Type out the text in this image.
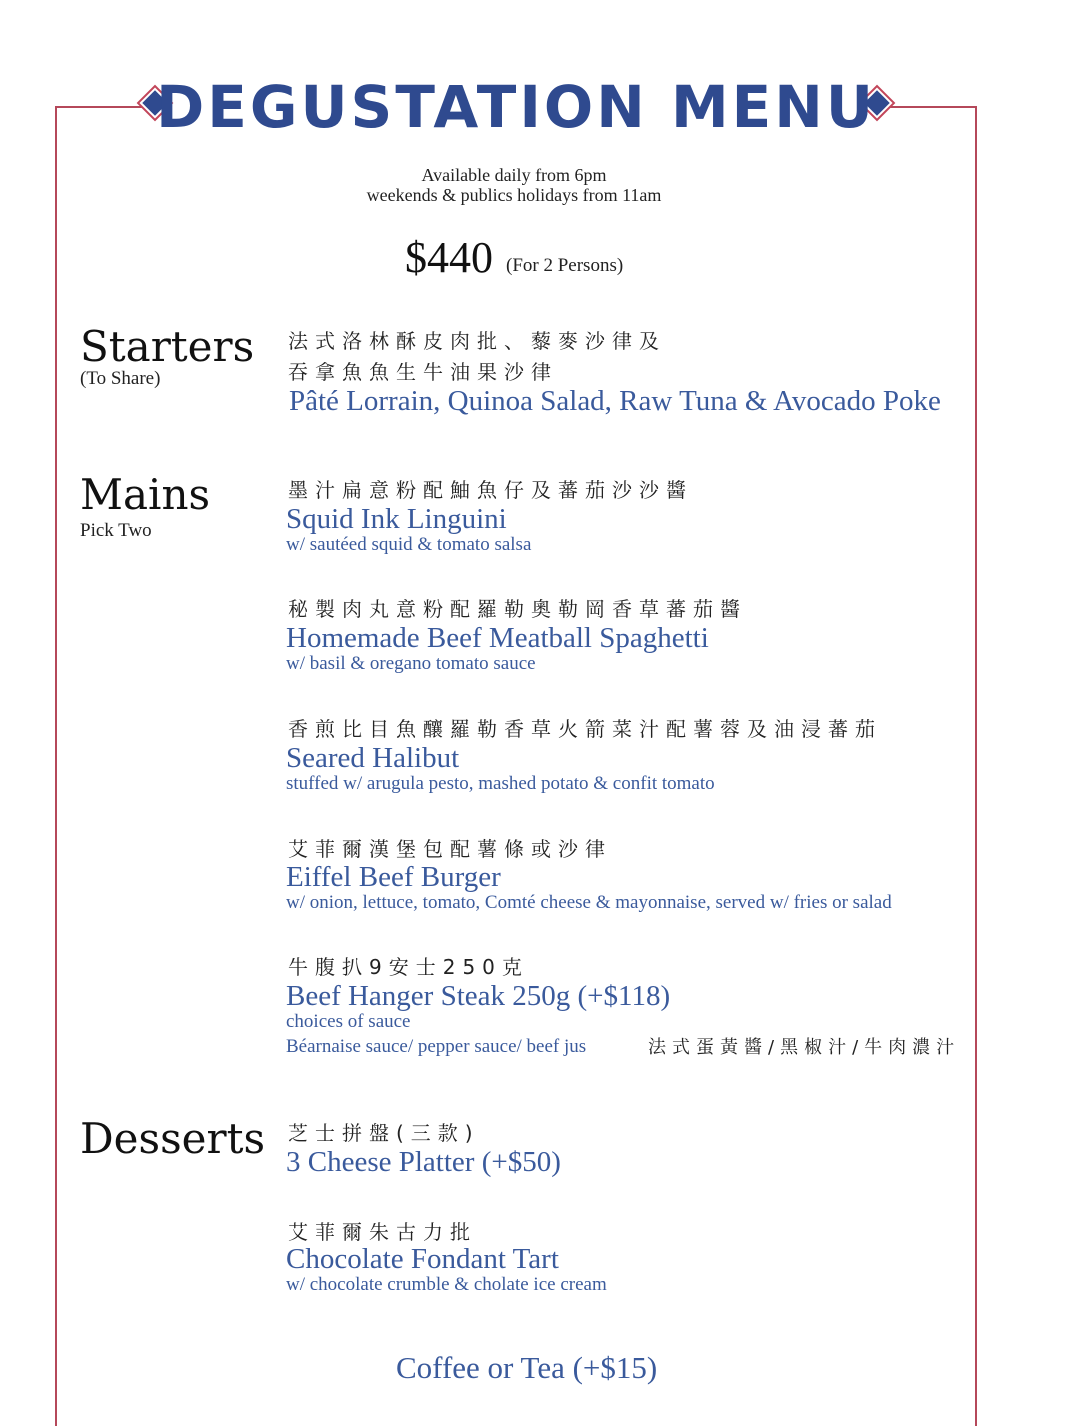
DEGUSTATION MENU
Available daily from 6pm
weekends & publics holidays from 11am
$440 (For 2 Persons)
Starters
(To Share)
法式洛林酥皮肉批、藜麥沙律及
吞拿魚魚生牛油果沙律
Pâté Lorrain, Quinoa Salad, Raw Tuna & Avocado Poke
Mains
Pick Two
墨汁扁意粉配鮋魚仔及蕃茄沙沙醬
Squid Ink Linguini
w/ sautéed squid & tomato salsa
秘製肉丸意粉配羅勒奧勒岡香草蕃茄醬
Homemade Beef Meatball Spaghetti
w/ basil & oregano tomato sauce
香煎比目魚釀羅勒香草火箭菜汁配薯蓉及油浸蕃茄
Seared Halibut
stuffed w/ arugula pesto, mashed potato & confit tomato
艾菲爾漢堡包配薯條或沙律
Eiffel Beef Burger
w/ onion, lettuce, tomato, Comté cheese & mayonnaise, served w/ fries or salad
牛腹扒9安士250克
Beef Hanger Steak 250g (+$118)
choices of sauce
Béarnaise sauce/ pepper sauce/ beef jus	法式蛋黃醬/黑椒汁/牛肉濃汁
Desserts 芝士拼盤(三款)
3 Cheese Platter (+$50)
艾菲爾朱古力批
Chocolate Fondant Tart
w/ chocolate crumble & cholate ice cream
Coffee or Tea (+$15)
